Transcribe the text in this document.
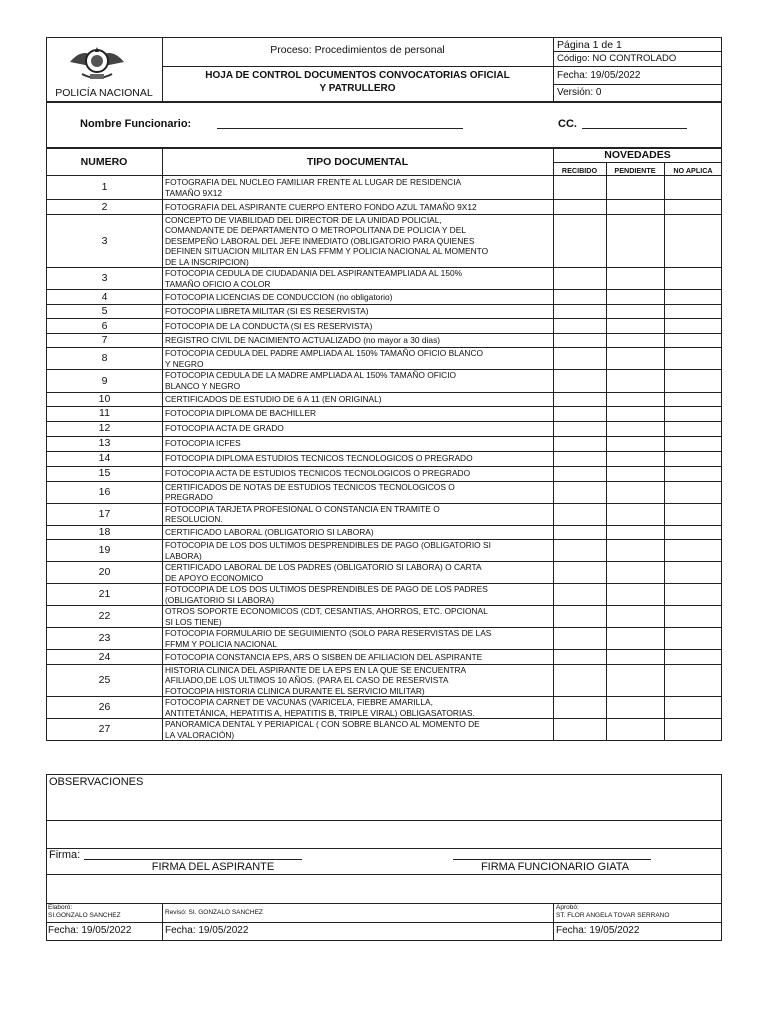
POLICÍA NACIONAL
Proceso: Procedimientos de personal
HOJA DE CONTROL DOCUMENTOS CONVOCATORIAS OFICIAL
Y PATRULLERO
Página 1 de 1
Código: NO CONTROLADO
Fecha: 19/05/2022
Versión: 0
Nombre Funcionario:	CC.
NUMERO	TIPO DOCUMENTAL
NOVEDADES
RECIBIDO	PENDIENTE	NO APLICA
1	FOTOGRAFIA DEL NUCLEO FAMILIAR FRENTE AL LUGAR DE RESIDENCIA
TAMAÑO 9X12			

2	FOTOGRAFIA DEL ASPIRANTE CUERPO ENTERO FONDO AZUL TAMAÑO 9X12			

3	CONCEPTO DE VIABILIDAD DEL DIRECTOR DE LA UNIDAD POLICIAL,
COMANDANTE DE DEPARTAMENTO O METROPOLITANA DE POLICIA Y DEL
DESEMPEÑO LABORAL DEL JEFE INMEDIATO (OBLIGATORIO PARA QUIENES
DEFINEN SITUACION MILITAR EN LAS FFMM Y POLICIA NACIONAL AL MOMENTO
DE LA INSCRIPCION)			

3	FOTOCOPIA CEDULA DE CIUDADANIA DEL ASPIRANTEAMPLIADA AL 150%
TAMAÑO OFICIO A COLOR			

4	FOTOCOPIA LICENCIAS DE CONDUCCION (no obligatorio)			

5	FOTOCOPIA LIBRETA MILITAR (SI ES RESERVISTA)			

6	FOTOCOPIA DE LA CONDUCTA (SI ES RESERVISTA)			

7	REGISTRO CIVIL DE NACIMIENTO ACTUALIZADO (no mayor a 30 dias)			

8	FOTOCOPIA CEDULA DEL PADRE AMPLIADA AL 150% TAMAÑO OFICIO BLANCO
Y NEGRO			

9	FOTOCOPIA CEDULA DE LA MADRE AMPLIADA AL 150% TAMAÑO OFICIO
BLANCO Y NEGRO			

10	CERTIFICADOS DE ESTUDIO DE 6 A 11 (EN ORIGINAL)			

11	FOTOCOPIA DIPLOMA DE BACHILLER			

12	FOTOCOPIA ACTA DE GRADO			

13	FOTOCOPIA ICFES			

14	FOTOCOPIA DIPLOMA ESTUDIOS TECNICOS TECNOLOGICOS O PREGRADO			

15	FOTOCOPIA ACTA DE ESTUDIOS TECNICOS TECNOLOGICOS O PREGRADO			

16	CERTIFICADOS DE NOTAS DE ESTUDIOS TECNICOS TECNOLOGICOS O
PREGRADO			

17	FOTOCOPIA TARJETA PROFESIONAL O CONSTANCIA EN TRAMITE O
RESOLUCION.			

18	CERTIFICADO LABORAL (OBLIGATORIO SI LABORA)			

19	FOTOCOPIA DE LOS DOS ULTIMOS DESPRENDIBLES DE PAGO (OBLIGATORIO SI
LABORA)			

20	CERTIFICADO LABORAL DE LOS PADRES (OBLIGATORIO SI LABORA) O CARTA
DE APOYO ECONOMICO			

21	FOTOCOPIA DE LOS DOS ULTIMOS DESPRENDIBLES DE PAGO DE LOS PADRES
(OBLIGATORIO SI LABORA)			

22	OTROS SOPORTE ECONOMICOS (CDT, CESANTIAS, AHORROS, ETC. OPCIONAL
SI LOS TIENE)			

23	FOTOCOPIA FORMULARIO DE SEGUIMIENTO (SOLO PARA RESERVISTAS DE LAS
FFMM Y POLICIA NACIONAL			

24	FOTOCOPIA CONSTANCIA EPS, ARS O SISBEN DE AFILIACION DEL ASPIRANTE			

25	HISTORIA CLINICA DEL ASPIRANTE DE LA EPS EN LA QUE SE ENCUENTRA
AFILIADO,DE LOS ULTIMOS 10 AÑOS. (PARA EL CASO DE RESERVISTA
FOTOCOPIA HISTORIA CLINICA DURANTE EL SERVICIO MILITAR)			

26	FOTOCOPIA CARNET DE VACUNAS (VARICELA, FIEBRE AMARILLA,
ANTITETÁNICA, HEPATITIS A, HEPATITIS B, TRIPLE VIRAL) OBLIGASATORIAS.			

27	PANORAMICA DENTAL Y PERIAPICAL ( CON SOBRE BLANCO AL MOMENTO DE
LA VALORACIÓN)			

OBSERVACIONES
Firma:
FIRMA DEL ASPIRANTE	FIRMA FUNCIONARIO GIATA
Elaboró:
SI.GONZALO SANCHEZ	Revisó: SI. GONZALO SANCHEZ
Aprobó:
ST. FLOR ANGELA TOVAR SERRANO
Fecha: 19/05/2022	Fecha: 19/05/2022	Fecha: 19/05/2022
